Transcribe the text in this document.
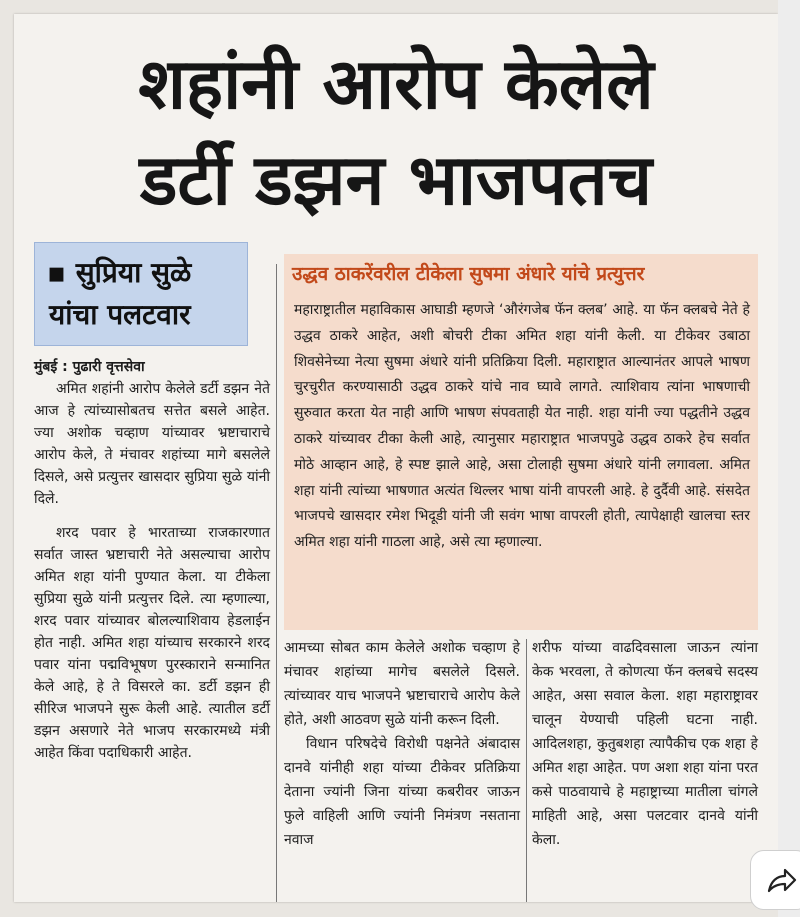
शहांनी आरोप केलेले
डर्टी डझन भाजपतच
▪ सुप्रिया सुळे
यांचा पलटवार

मुंबई : पुढारी वृत्तसेवा

अमित शहांनी आरोप केलेले डर्टी डझन नेते आज हे त्यांच्यासोबतच सत्तेत बसले आहेत. ज्या अशोक चव्हाण यांच्यावर भ्रष्टाचाराचे आरोप केले, ते मंचावर शहांच्या मागे बसलेले दिसले, असे प्रत्युत्तर खासदार सुप्रिया सुळे यांनी दिले.

शरद पवार हे भारताच्या राजकारणात सर्वात जास्त भ्रष्टाचारी नेते असल्याचा आरोप अमित शहा यांनी पुण्यात केला. या टीकेला सुप्रिया सुळे यांनी प्रत्युत्तर दिले. त्या म्हणाल्या, शरद पवार यांच्यावर बोलल्याशिवाय हेडलाईन होत नाही. अमित शहा यांच्याच सरकारने शरद पवार यांना पद्मविभूषण पुरस्काराने सन्मानित केले आहे, हे ते विसरले का. डर्टी डझन ही सीरिज भाजपने सुरू केली आहे. त्यातील डर्टी डझन असणारे नेते भाजप सरकारमध्ये मंत्री आहेत किंवा पदाधिकारी आहेत.

उद्धव ठाकरेंवरील टीकेला सुषमा अंधारे यांचे प्रत्युत्तर
महाराष्ट्रातील महाविकास आघाडी म्हणजे ‘औरंगजेब फॅन क्लब’ आहे. या फॅन क्लबचे नेते हे उद्धव ठाकरे आहेत, अशी बोचरी टीका अमित शहा यांनी केली. या टीकेवर उबाठा शिवसेनेच्या नेत्या सुषमा अंधारे यांनी प्रतिक्रिया दिली. महाराष्ट्रात आल्यानंतर आपले भाषण चुरचुरीत करण्यासाठी उद्धव ठाकरे यांचे नाव घ्यावे लागते. त्याशिवाय त्यांना भाषणाची सुरुवात करता येत नाही आणि भाषण संपवताही येत नाही. शहा यांनी ज्या पद्धतीने उद्धव ठाकरे यांच्यावर टीका केली आहे, त्यानुसार महाराष्ट्रात भाजपपुढे उद्धव ठाकरे हेच सर्वात मोठे आव्हान आहे, हे स्पष्ट झाले आहे, असा टोलाही सुषमा अंधारे यांनी लगावला. अमित शहा यांनी त्यांच्या भाषणात अत्यंत थिल्लर भाषा यांनी वापरली आहे. हे दुर्दैवी आहे. संसदेत भाजपचे खासदार रमेश भिदूडी यांनी जी सवंग भाषा वापरली होती, त्यापेक्षाही खालचा स्तर अमित शहा यांनी गाठला आहे, असे त्या म्हणाल्या.

आमच्या सोबत काम केलेले अशोक चव्हाण हे मंचावर शहांच्या मागेच बसलेले दिसले. त्यांच्यावर याच भाजपने भ्रष्टाचाराचे आरोप केले होते, अशी आठवण सुळे यांनी करून दिली.

विधान परिषदेचे विरोधी पक्षनेते अंबादास दानवे यांनीही शहा यांच्या टीकेवर प्रतिक्रिया देताना ज्यांनी जिना यांच्या कबरीवर जाऊन फुले वाहिली आणि ज्यांनी निमंत्रण नसताना नवाज

शरीफ यांच्या वाढदिवसाला जाऊन त्यांना केक भरवला, ते कोणत्या फॅन क्लबचे सदस्य आहेत, असा सवाल केला. शहा महाराष्ट्रावर चालून येण्याची पहिली घटना नाही. आदिलशहा, कुतुबशहा त्यापैकीच एक शहा हे अमित शहा आहेत. पण अशा शहा यांना परत कसे पाठवायाचे हे महाष्ट्राच्या मातीला चांगले माहिती आहे, असा पलटवार दानवे यांनी केला.
